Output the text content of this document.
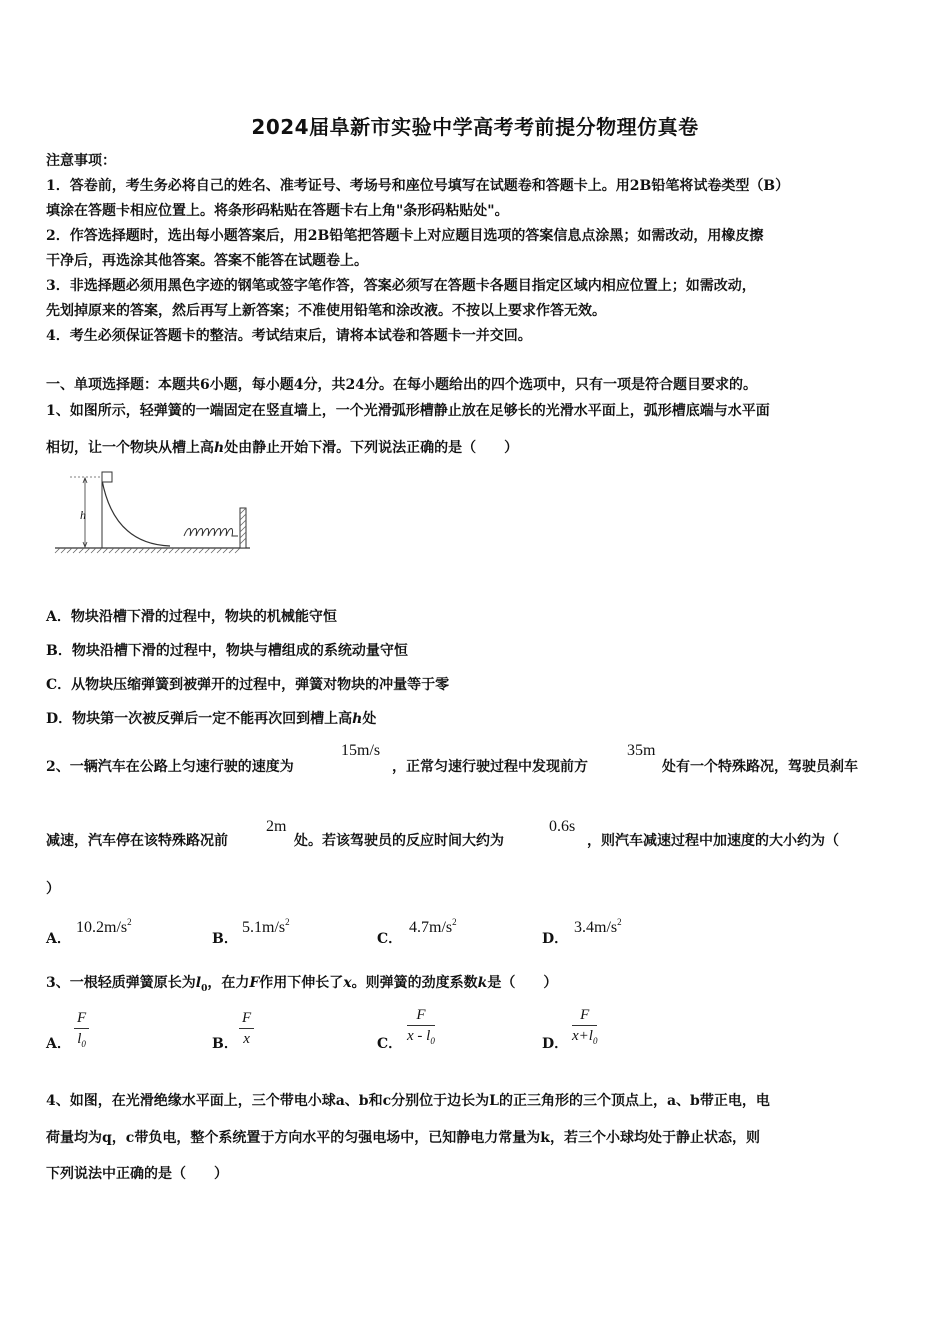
2024届阜新市实验中学高考考前提分物理仿真卷
注意事项：
1．答卷前，考生务必将自己的姓名、准考证号、考场号和座位号填写在试题卷和答题卡上。用2B铅笔将试卷类型（B）
填涂在答题卡相应位置上。将条形码粘贴在答题卡右上角"条形码粘贴处"。
2．作答选择题时，选出每小题答案后，用2B铅笔把答题卡上对应题目选项的答案信息点涂黑；如需改动，用橡皮擦
干净后，再选涂其他答案。答案不能答在试题卷上。
3．非选择题必须用黑色字迹的钢笔或签字笔作答，答案必须写在答题卡各题目指定区域内相应位置上；如需改动，
先划掉原来的答案，然后再写上新答案；不准使用铅笔和涂改液。不按以上要求作答无效。
4．考生必须保证答题卡的整洁。考试结束后，请将本试卷和答题卡一并交回。
一、单项选择题：本题共6小题，每小题4分，共24分。在每小题给出的四个选项中，只有一项是符合题目要求的。
1、如图所示，轻弹簧的一端固定在竖直墙上，一个光滑弧形槽静止放在足够长的光滑水平面上，弧形槽底端与水平面
相切，让一个物块从槽上高h处由静止开始下滑。下列说法正确的是（　　）
h
A．物块沿槽下滑的过程中，物块的机械能守恒
B．物块沿槽下滑的过程中，物块与槽组成的系统动量守恒
C．从物块压缩弹簧到被弹开的过程中，弹簧对物块的冲量等于零
D．物块第一次被反弹后一定不能再次回到槽上高h处
2、一辆汽车在公路上匀速行驶的速度为
15m/s
，正常匀速行驶过程中发现前方
35m
处有一个特殊路况，驾驶员刹车
减速，汽车停在该特殊路况前
2m
处。若该驾驶员的反应时间大约为
0.6s
，则汽车减速过程中加速度的大小约为（
）
A．
$10.2m/s^2$
B．
$5.1m/s^2$
C．
$4.7m/s^2$
D．
$3.4m/s^2$
3、一根轻质弹簧原长为$l_0$，在力F作用下伸长了x。则弹簧的劲度系数k是（　　）
A． $\frac{F}{l_0}$	B． $\frac{F}{x}$	C． $\frac{F}{x - l_0}$	D． $\frac{F}{x+l_0}$
4、如图，在光滑绝缘水平面上，三个带电小球a、b和c分别位于边长为L的正三角形的三个顶点上，a、b带正电，电
荷量均为q，c带负电，整个系统置于方向水平的匀强电场中，已知静电力常量为k，若三个小球均处于静止状态，则
下列说法中正确的是（　　）
